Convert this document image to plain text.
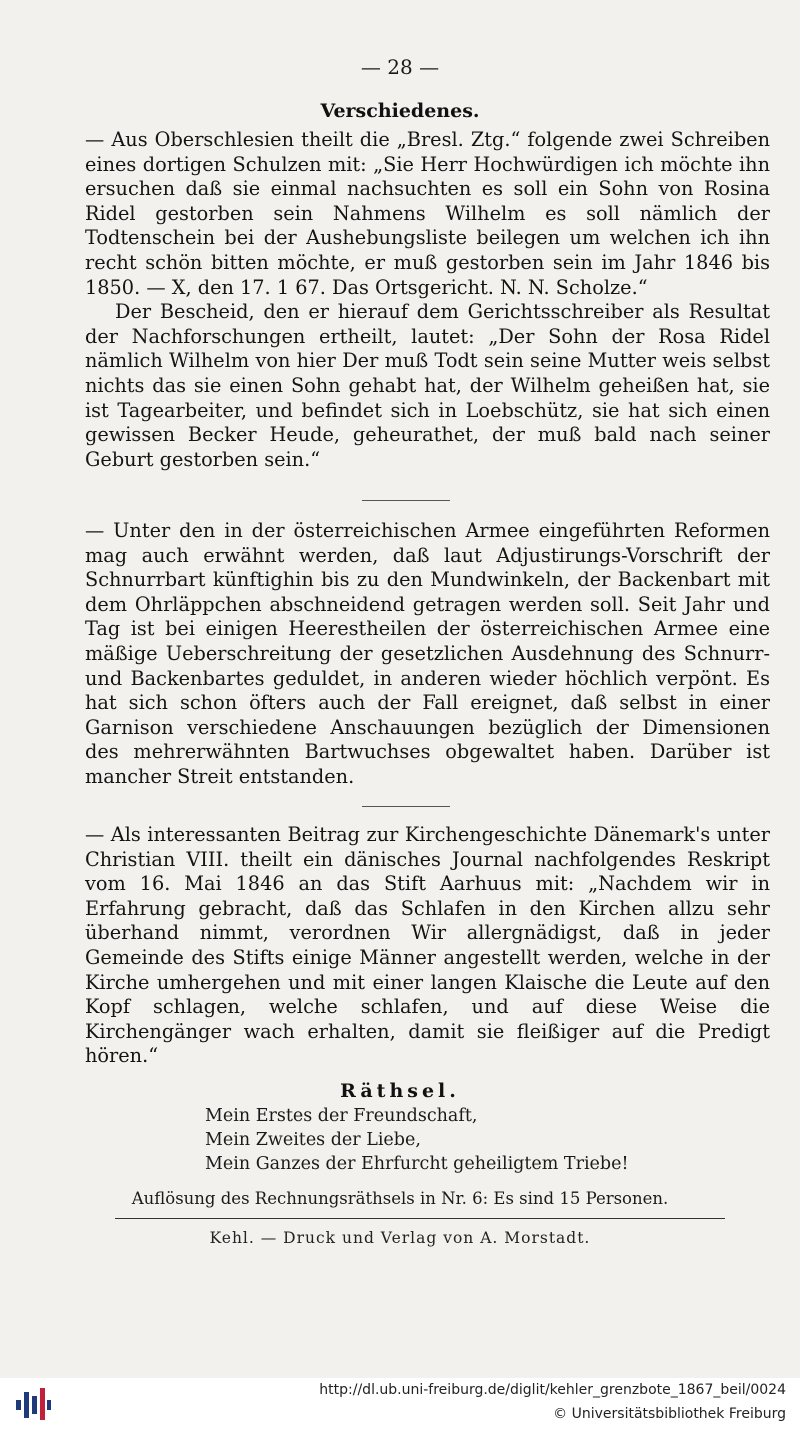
— 28 —
Verschiedenes.

— Aus Oberschlesien theilt die „Bresl. Ztg.“ folgende zwei Schreiben eines dortigen Schulzen mit: „Sie Herr Hochwürdigen ich möchte ihn ersuchen daß sie einmal nachsuchten es soll ein Sohn von Rosina Ridel gestorben sein Nahmens Wilhelm es soll nämlich der Todtenschein bei der Aushebungsliste beilegen um welchen ich ihn recht schön bitten möchte, er muß gestorben sein im Jahr 1846 bis 1850. — X, den 17. 1 67. Das Ortsgericht. N. N. Scholze.“

Der Bescheid, den er hierauf dem Gerichtsschreiber als Resultat der Nachforschungen ertheilt, lautet: „Der Sohn der Rosa Ridel nämlich Wilhelm von hier Der muß Todt sein seine Mutter weis selbst nichts das sie einen Sohn gehabt hat, der Wilhelm geheißen hat, sie ist Tagearbeiter, und befindet sich in Loebschütz, sie hat sich einen gewissen Becker Heude, geheurathet, der muß bald nach seiner Geburt gestorben sein.“

— Unter den in der österreichischen Armee eingeführten Reformen mag auch erwähnt werden, daß laut Adjustirungs-Vorschrift der Schnurrbart künftighin bis zu den Mundwinkeln, der Backenbart mit dem Ohrläppchen abschneidend getragen werden soll. Seit Jahr und Tag ist bei einigen Heerestheilen der österreichischen Armee eine mäßige Ueberschreitung der gesetzlichen Ausdehnung des Schnurr- und Backenbartes geduldet, in anderen wieder höchlich verpönt. Es hat sich schon öfters auch der Fall ereignet, daß selbst in einer Garnison verschiedene Anschauungen bezüglich der Dimensionen des mehrerwähnten Bartwuchses obgewaltet haben. Darüber ist mancher Streit entstanden.

— Als interessanten Beitrag zur Kirchengeschichte Dänemark's unter Christian VIII. theilt ein dänisches Journal nachfolgendes Reskript vom 16. Mai 1846 an das Stift Aarhuus mit: „Nachdem wir in Erfahrung gebracht, daß das Schlafen in den Kirchen allzu sehr überhand nimmt, verordnen Wir allergnädigst, daß in jeder Gemeinde des Stifts einige Männer angestellt werden, welche in der Kirche umhergehen und mit einer langen Klaische die Leute auf den Kopf schlagen, welche schlafen, und auf diese Weise die Kirchengänger wach erhalten, damit sie fleißiger auf die Predigt hören.“

Räthsel.
Mein Erstes der Freundschaft,
Mein Zweites der Liebe,
Mein Ganzes der Ehrfurcht geheiligtem Triebe!
Auflösung des Rechnungsräthsels in Nr. 6: Es sind 15 Personen.
Kehl. — Druck und Verlag von A. Morstadt.
http://dl.ub.uni-freiburg.de/diglit/kehler_grenzbote_1867_beil/0024
© Universitätsbibliothek Freiburg
